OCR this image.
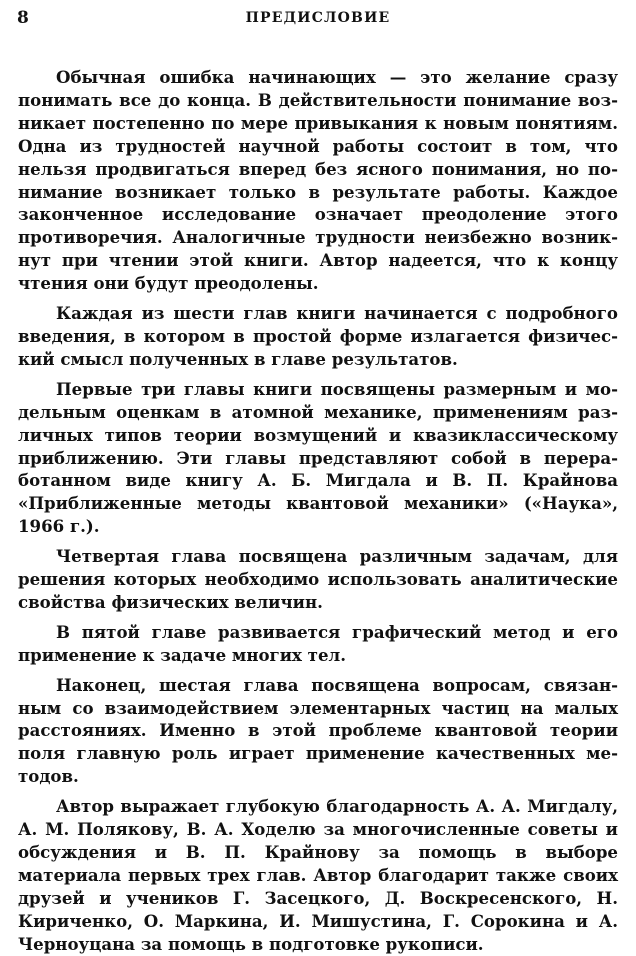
8	ПРЕДИСЛОВИЕ

Обычная ошибка начинающих — это желание сразу понимать все до конца. В действительности понимание возникает постепенно по мере привыкания к новым понятиям. Одна из трудностей научной работы состоит в том, что нельзя продвигаться вперед без ясного понимания, но понимание возникает только в результате работы. Каждое законченное исследование означает преодоление этого противоречия. Аналогичные трудности неизбежно возникнут при чтении этой книги. Автор надеется, что к концу чтения они будут преодолены.

Каждая из шести глав книги начинается с подробного введения, в котором в простой форме излагается физический смысл полученных в главе результатов.

Первые три главы книги посвящены размерным и модельным оценкам в атомной механике, применениям различных типов теории возмущений и квазиклассическому приближению. Эти главы представляют собой в переработанном виде книгу А. Б. Мигдала и В. П. Крайнова «Приближенные методы квантовой механики» («Наука», 1966 г.).

Четвертая глава посвящена различным задачам, для решения которых необходимо использовать аналитические свойства физических величин.

В пятой главе развивается графический метод и его применение к задаче многих тел.

Наконец, шестая глава посвящена вопросам, связанным со взаимодействием элементарных частиц на малых расстояниях. Именно в этой проблеме квантовой теории поля главную роль играет применение качественных методов.

Автор выражает глубокую благодарность А. А. Мигдалу, А. М. Полякову, В. А. Ходелю за многочисленные советы и обсуждения и В. П. Крайнову за помощь в выборе материала первых трех глав. Автор благодарит также своих друзей и учеников Г. Засецкого, Д. Воскресенского, Н. Кириченко, О. Маркина, И. Мишустина, Г. Сорокина и А. Черноуцана за помощь в подготовке рукописи.
